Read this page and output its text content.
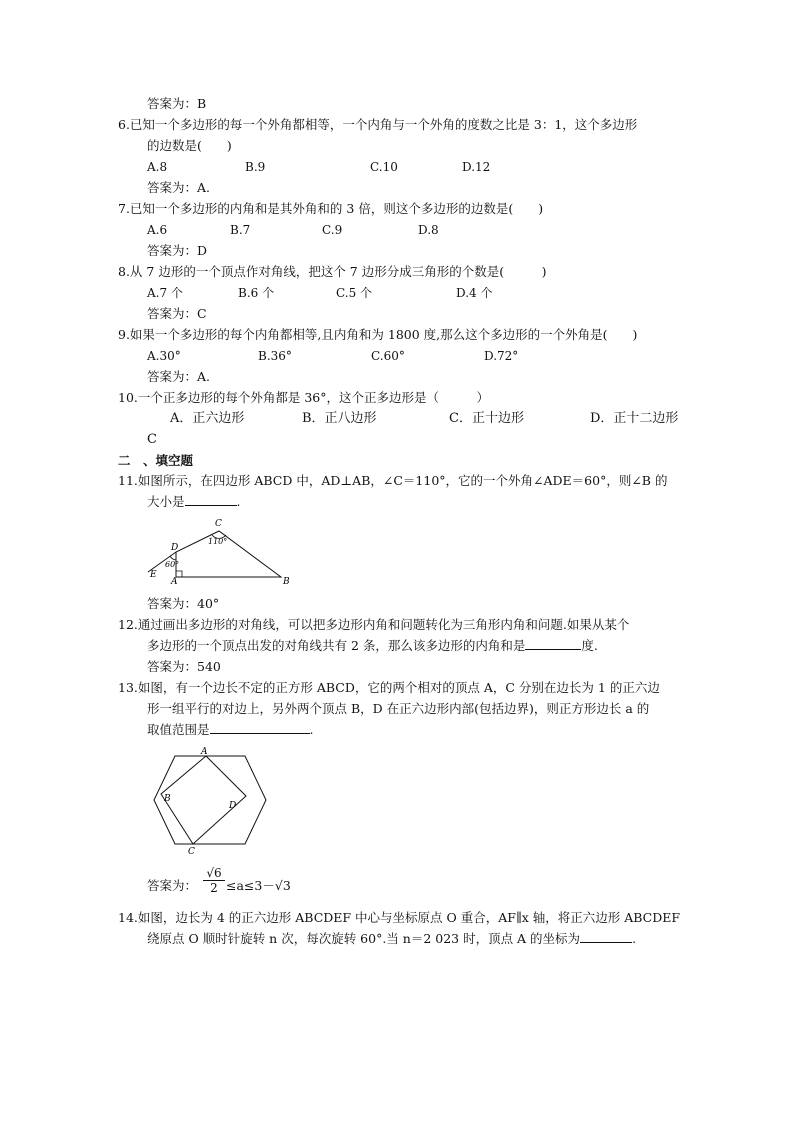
答案为：B
6.已知一个多边形的每一个外角都相等，一个内角与一个外角的度数之比是 3：1，这个多边形
的边数是(　　)
A.8	B.9	C.10	D.12
答案为：A.
7.已知一个多边形的内角和是其外角和的 3 倍，则这个多边形的边数是(　　)
A.6	B.7	C.9	D.8
答案为：D
8.从 7 边形的一个顶点作对角线，把这个 7 边形分成三角形的个数是(　　　)
A.7 个	B.6 个	C.5 个	D.4 个
答案为：C
9.如果一个多边形的每个内角都相等,且内角和为 1800 度,那么这个多边形的一个外角是(　　)
A.30°	B.36°	C.60°	D.72°
答案为：A.
10.一个正多边形的每个外角都是 36°，这个正多边形是（　　　）
A．正六边形	B．正八边形	C．正十边形	D．正十二边形
C
二　、填空题
11.如图所示，在四边形 ABCD 中，AD⊥AB，∠C＝110°，它的一个外角∠ADE＝60°，则∠B 的
大小是	.
C
110°
D
60°
E
A	B
答案为：40°
12.通过画出多边形的对角线，可以把多边形内角和问题转化为三角形内角和问题.如果从某个
多边形的一个顶点出发的对角线共有 2 条，那么该多边形的内角和是	度.
答案为：540
13.如图，有一个边长不定的正方形 ABCD，它的两个相对的顶点 A，C 分别在边长为 1 的正六边
形一组平行的对边上，另外两个顶点 B，D 在正六边形内部(包括边界)，则正方形边长 a 的
取值范围是	.
A
B
C
D
答案为： $\frac{√6}{2} \le a\le 3-√3$
14.如图，边长为 4 的正六边形 ABCDEF 中心与坐标原点 O 重合，AF∥x 轴，将正六边形 ABCDEF
绕原点 O 顺时针旋转 n 次，每次旋转 60°.当 n＝2 023 时，顶点 A 的坐标为	.
